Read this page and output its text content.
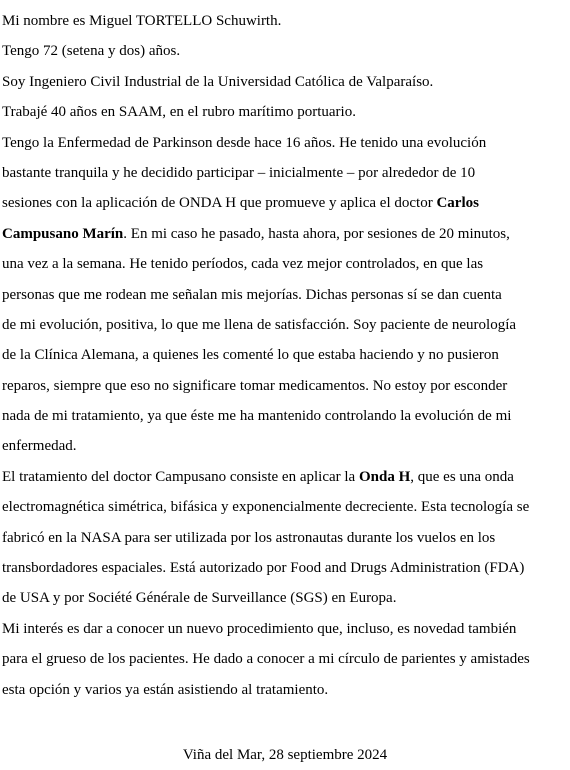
Mi nombre es Miguel TORTELLO Schuwirth.
Tengo 72 (setena y dos) años.
Soy Ingeniero Civil Industrial de la Universidad Católica de Valparaíso.
Trabajé 40 años en SAAM, en el rubro marítimo portuario.
Tengo la Enfermedad de Parkinson desde hace 16 años. He tenido una evolución
bastante tranquila y he decidido participar – inicialmente – por alrededor de 10
sesiones con la aplicación de ONDA H que promueve y aplica el doctor Carlos
Campusano Marín. En mi caso he pasado, hasta ahora, por sesiones de 20 minutos,
una vez a la semana. He tenido períodos, cada vez mejor controlados, en que las
personas que me rodean me señalan mis mejorías. Dichas personas sí se dan cuenta
de mi evolución, positiva, lo que me llena de satisfacción. Soy paciente de neurología
de la Clínica Alemana, a quienes les comenté lo que estaba haciendo y no pusieron
reparos, siempre que eso no significare tomar medicamentos. No estoy por esconder
nada de mi tratamiento, ya que éste me ha mantenido controlando la evolución de mi
enfermedad.
El tratamiento del doctor Campusano consiste en aplicar la Onda H, que es una onda
electromagnética simétrica, bifásica y exponencialmente decreciente. Esta tecnología se
fabricó en la NASA para ser utilizada por los astronautas durante los vuelos en los
transbordadores espaciales. Está autorizado por Food and Drugs Administration (FDA)
de USA y por Société Générale de Surveillance (SGS) en Europa.
Mi interés es dar a conocer un nuevo procedimiento que, incluso, es novedad también
para el grueso de los pacientes. He dado a conocer a mi círculo de parientes y amistades
esta opción y varios ya están asistiendo al tratamiento.
Viña del Mar, 28 septiembre 2024
